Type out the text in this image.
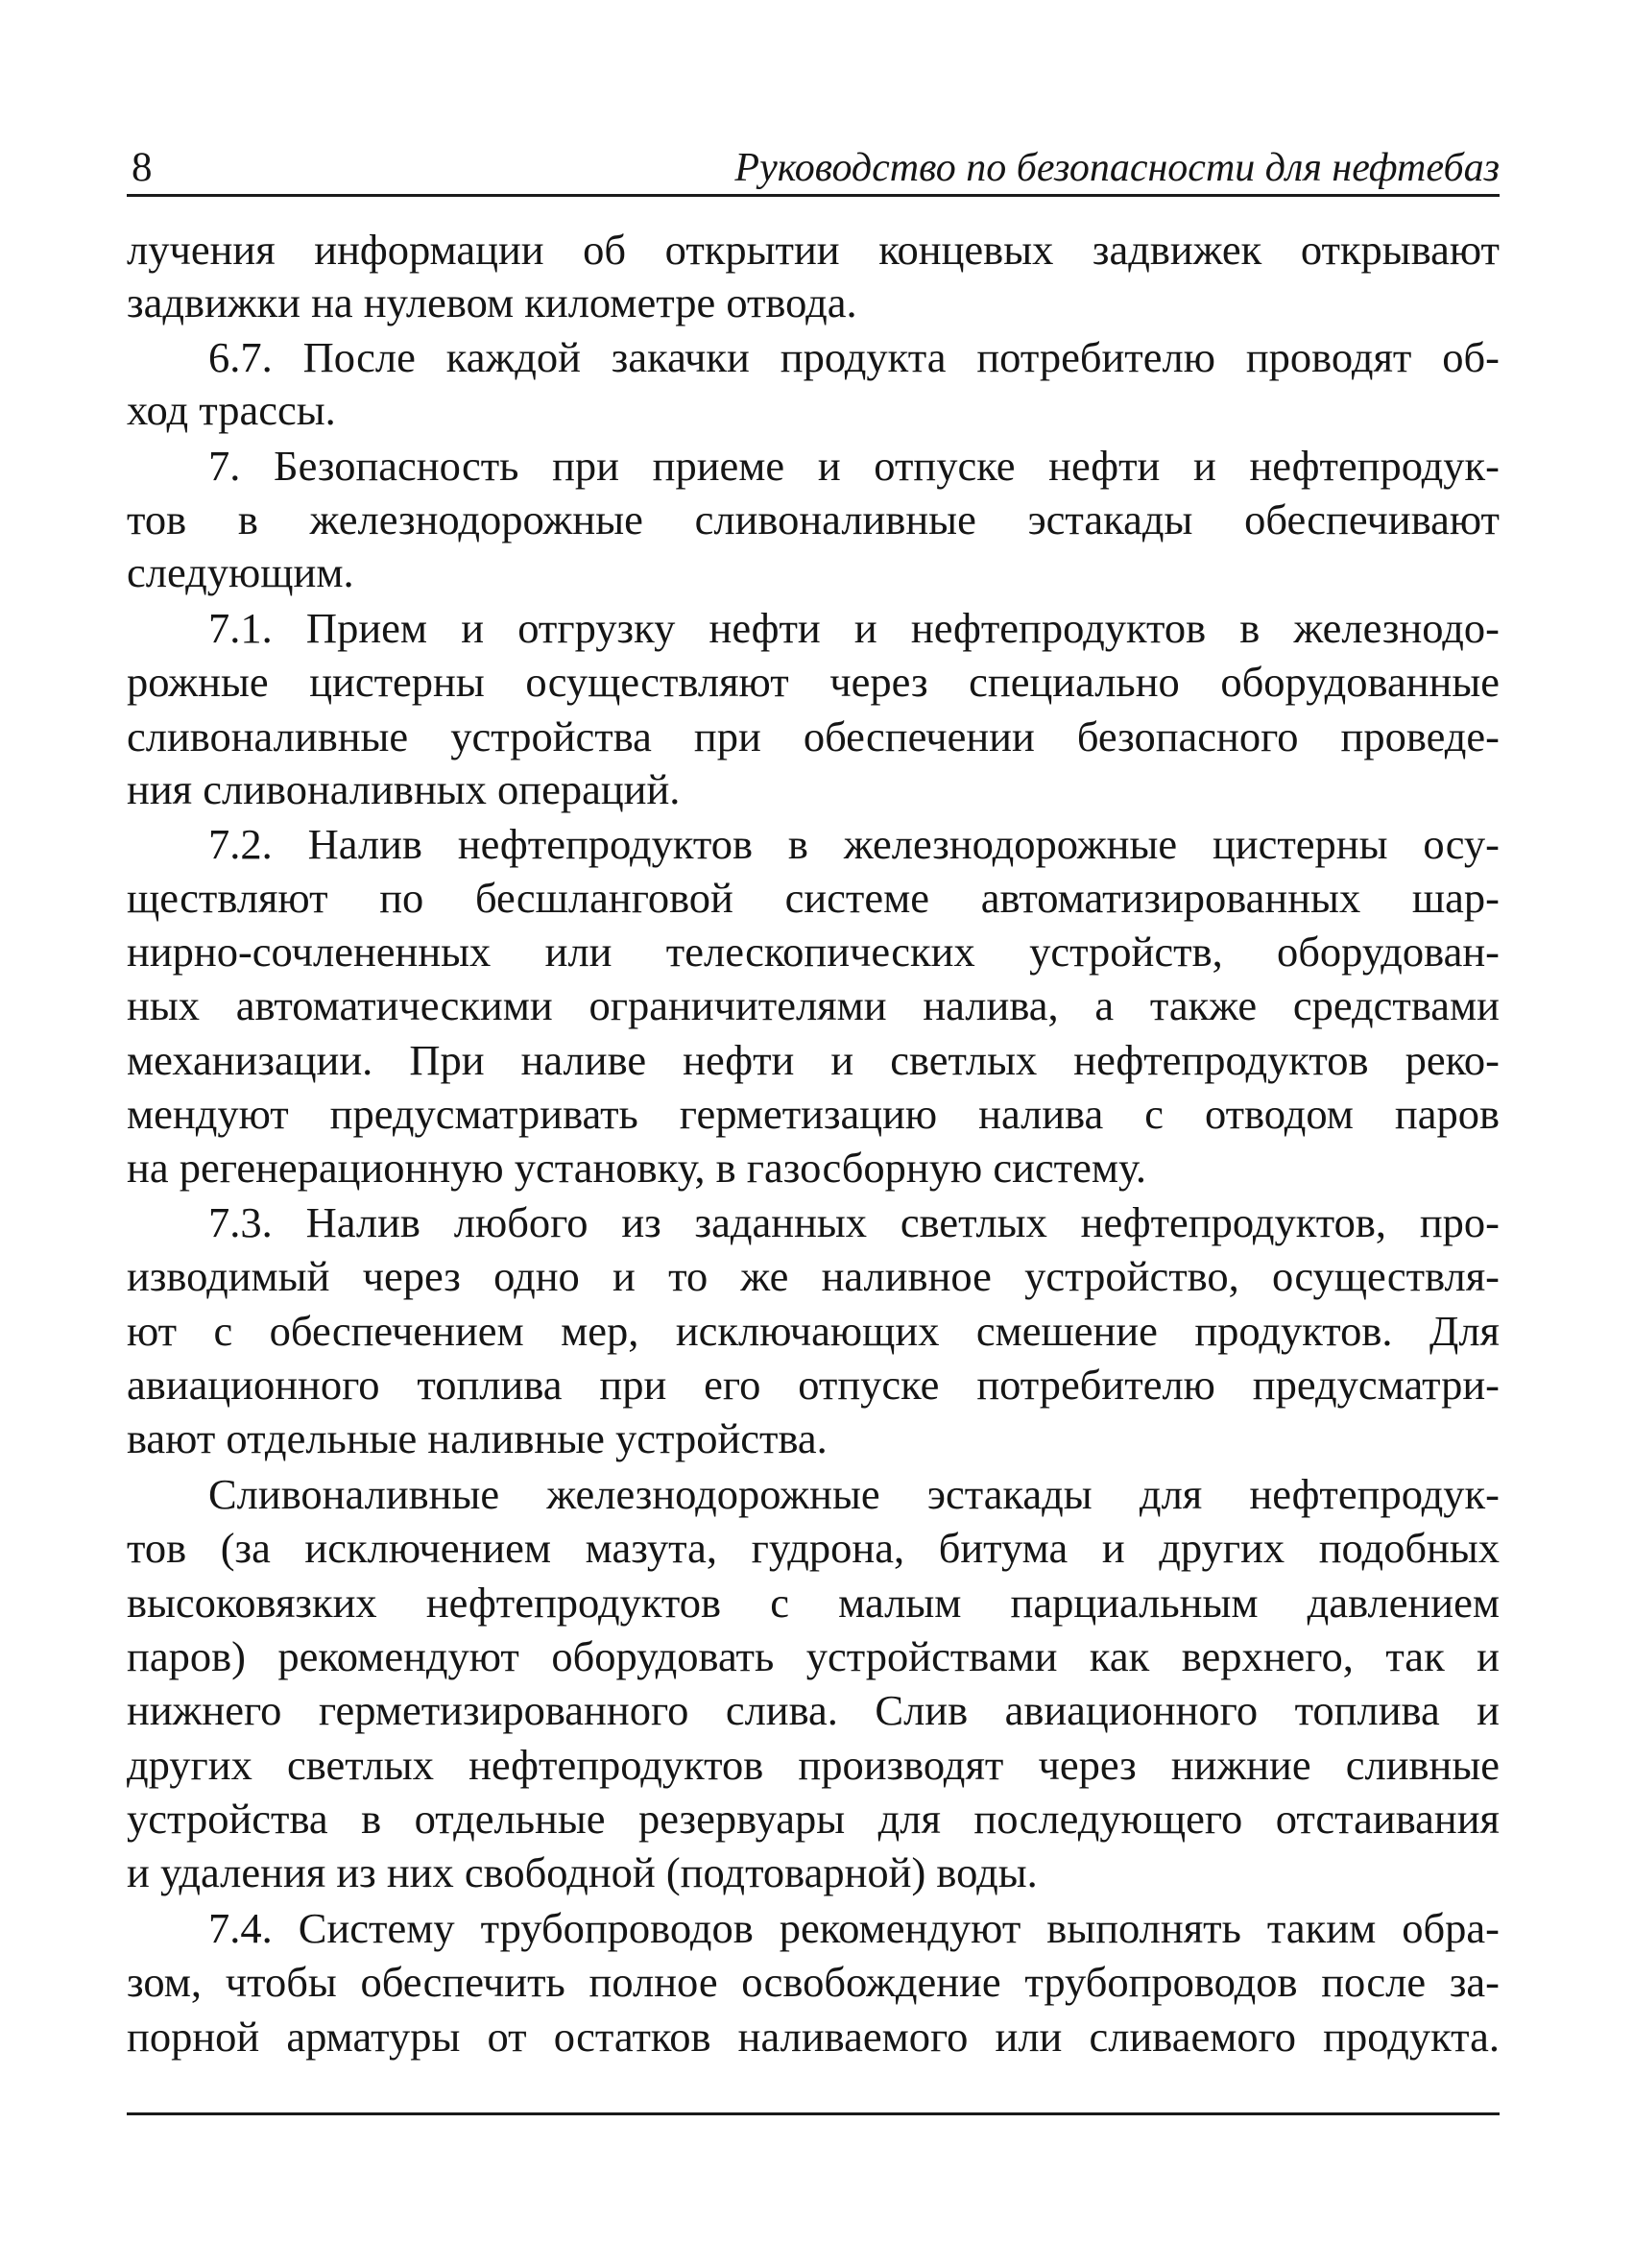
8	Руководство по безопасности для нефтебаз
лучения информации об открытии концевых задвижек открывают
задвижки на нулевом километре отвода.
6.7. После каждой закачки продукта потребителю проводят об-
ход трассы.
7. Безопасность при приеме и отпуске нефти и нефтепродук-
тов в железнодорожные сливоналивные эстакады обеспечивают
следующим.
7.1. Прием и отгрузку нефти и нефтепродуктов в железнодо-
рожные цистерны осуществляют через специально оборудованные
сливоналивные устройства при обеспечении безопасного проведе-
ния сливоналивных операций.
7.2. Налив нефтепродуктов в железнодорожные цистерны осу-
ществляют по бесшланговой системе автоматизированных шар-
нирно-сочлененных или телескопических устройств, оборудован-
ных автоматическими ограничителями налива, а также средствами
механизации. При наливе нефти и светлых нефтепродуктов реко-
мендуют предусматривать герметизацию налива с отводом паров
на регенерационную установку, в газосборную систему.
7.3. Налив любого из заданных светлых нефтепродуктов, про-
изводимый через одно и то же наливное устройство, осуществля-
ют с обеспечением мер, исключающих смешение продуктов. Для
авиационного топлива при его отпуске потребителю предусматри-
вают отдельные наливные устройства.
Сливоналивные железнодорожные эстакады для нефтепродук-
тов (за исключением мазута, гудрона, битума и других подобных
высоковязких нефтепродуктов с малым парциальным давлением
паров) рекомендуют оборудовать устройствами как верхнего, так и
нижнего герметизированного слива. Слив авиационного топлива и
других светлых нефтепродуктов производят через нижние сливные
устройства в отдельные резервуары для последующего отстаивания
и удаления из них свободной (подтоварной) воды.
7.4. Систему трубопроводов рекомендуют выполнять таким обра-
зом, чтобы обеспечить полное освобождение трубопроводов после за-
порной арматуры от остатков наливаемого или сливаемого продукта.
